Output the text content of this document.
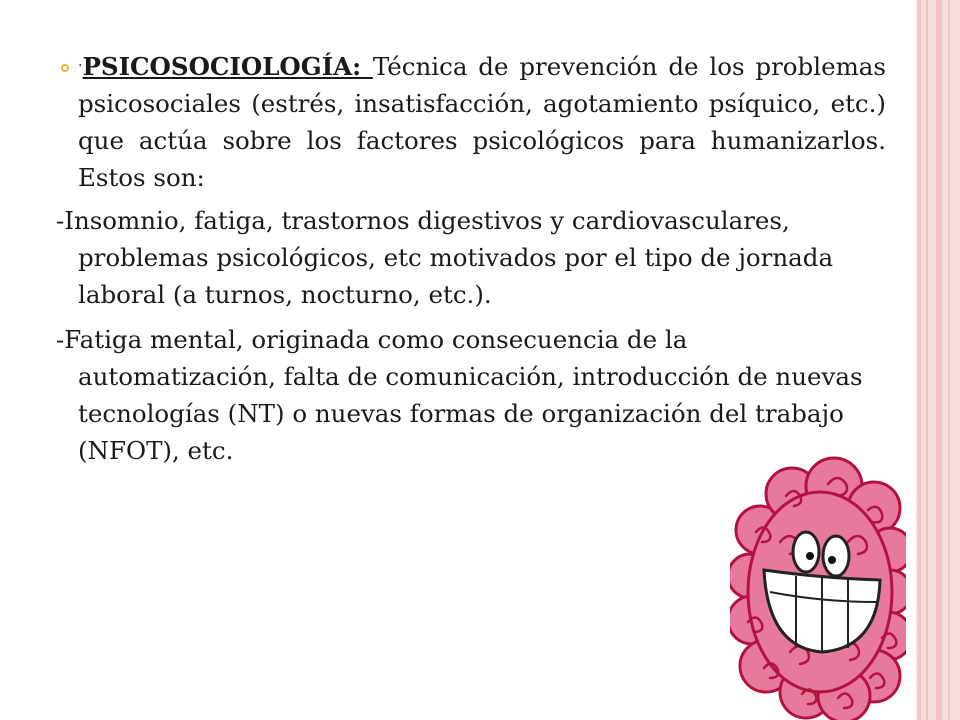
·PSICOSOCIOLOGÍA: Técnica de prevención de los problemas psicosociales (estrés, insatisfacción, agotamiento psíquico, etc.) que actúa sobre los factores psicológicos para humanizarlos. Estos son:
-Insomnio, fatiga, trastornos digestivos y cardiovasculares, problemas psicológicos, etc motivados por el tipo de jornada laboral (a turnos, nocturno, etc.).
-Fatiga mental, originada como consecuencia de la automatización, falta de comunicación, introducción de nuevas tecnologías (NT) o nuevas formas de organización del trabajo (NFOT), etc.
